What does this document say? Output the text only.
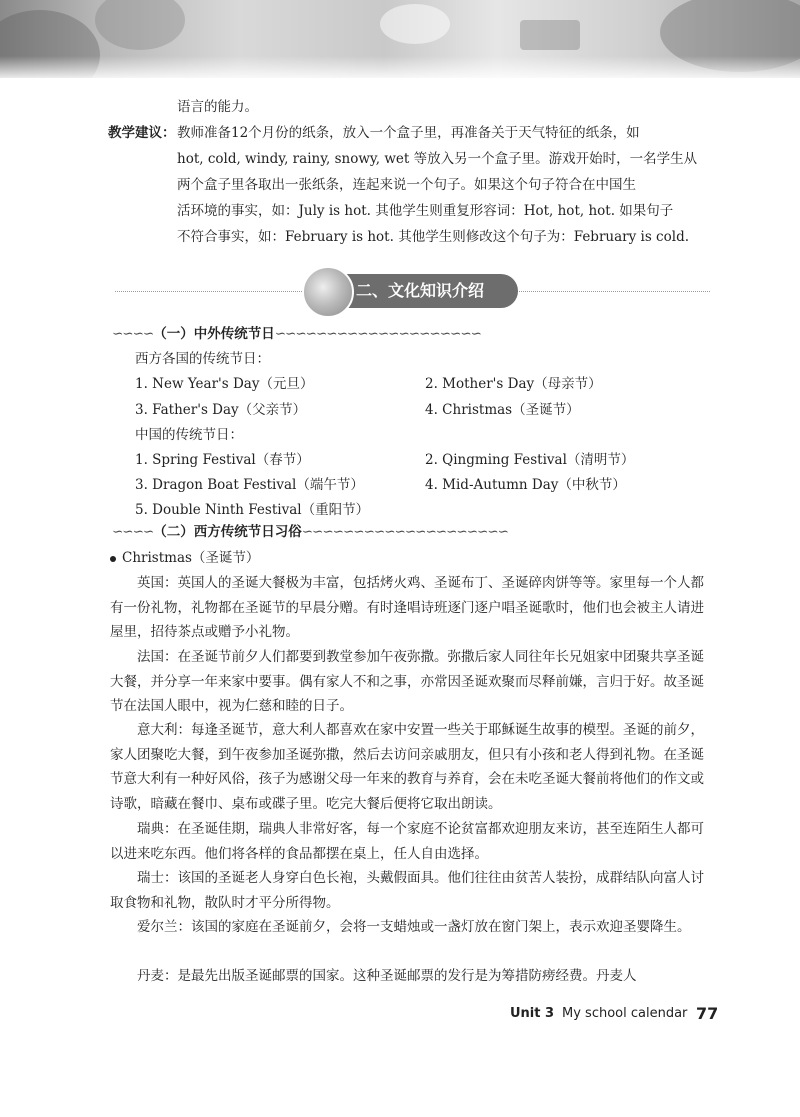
语言的能力。
教学建议： 教师准备12个月份的纸条，放入一个盒子里，再准备关于天气特征的纸条，如
hot, cold, windy, rainy, snowy, wet 等放入另一个盒子里。游戏开始时，一名学生从
两个盒子里各取出一张纸条，连起来说一个句子。如果这个句子符合在中国生
活环境的事实，如：July is hot. 其他学生则重复形容词：Hot, hot, hot. 如果句子
不符合事实，如：February is hot. 其他学生则修改这个句子为：February is cold.
二、文化知识介绍
∽∽∽∽（一）中外传统节日∽∽∽∽∽∽∽∽∽∽∽∽∽∽∽∽∽∽∽∽
西方各国的传统节日：
1. New Year's Day（元旦）	2. Mother's Day（母亲节）
3. Father's Day（父亲节）	4. Christmas（圣诞节）
中国的传统节日：
1. Spring Festival（春节）	2. Qingming Festival（清明节）
3. Dragon Boat Festival（端午节）	4. Mid-Autumn Day（中秋节）
5. Double Ninth Festival（重阳节）
∽∽∽∽（二）西方传统节日习俗∽∽∽∽∽∽∽∽∽∽∽∽∽∽∽∽∽∽∽∽
Christmas（圣诞节）
英国：英国人的圣诞大餐极为丰富，包括烤火鸡、圣诞布丁、圣诞碎肉饼等等。家里每一个人都有一份礼物，礼物都在圣诞节的早晨分赠。有时逢唱诗班逐门逐户唱圣诞歌时，他们也会被主人请进屋里，招待茶点或赠予小礼物。
法国：在圣诞节前夕人们都要到教堂参加午夜弥撒。弥撒后家人同往年长兄姐家中团聚共享圣诞大餐，并分享一年来家中要事。偶有家人不和之事，亦常因圣诞欢聚而尽释前嫌，言归于好。故圣诞节在法国人眼中，视为仁慈和睦的日子。
意大利：每逢圣诞节，意大利人都喜欢在家中安置一些关于耶稣诞生故事的模型。圣诞的前夕，家人团聚吃大餐，到午夜参加圣诞弥撒，然后去访问亲戚朋友，但只有小孩和老人得到礼物。在圣诞节意大利有一种好风俗，孩子为感谢父母一年来的教育与养育，会在未吃圣诞大餐前将他们的作文或诗歌，暗藏在餐巾、桌布或碟子里。吃完大餐后便将它取出朗读。
瑞典：在圣诞佳期，瑞典人非常好客，每一个家庭不论贫富都欢迎朋友来访，甚至连陌生人都可以进来吃东西。他们将各样的食品都摆在桌上，任人自由选择。
瑞士：该国的圣诞老人身穿白色长袍，头戴假面具。他们往往由贫苦人装扮，成群结队向富人讨取食物和礼物，散队时才平分所得物。
爱尔兰：该国的家庭在圣诞前夕，会将一支蜡烛或一盏灯放在窗门架上，表示欢迎圣婴降生。
丹麦：是最先出版圣诞邮票的国家。这种圣诞邮票的发行是为筹措防痨经费。丹麦人
Unit 3 My school calendar 77
